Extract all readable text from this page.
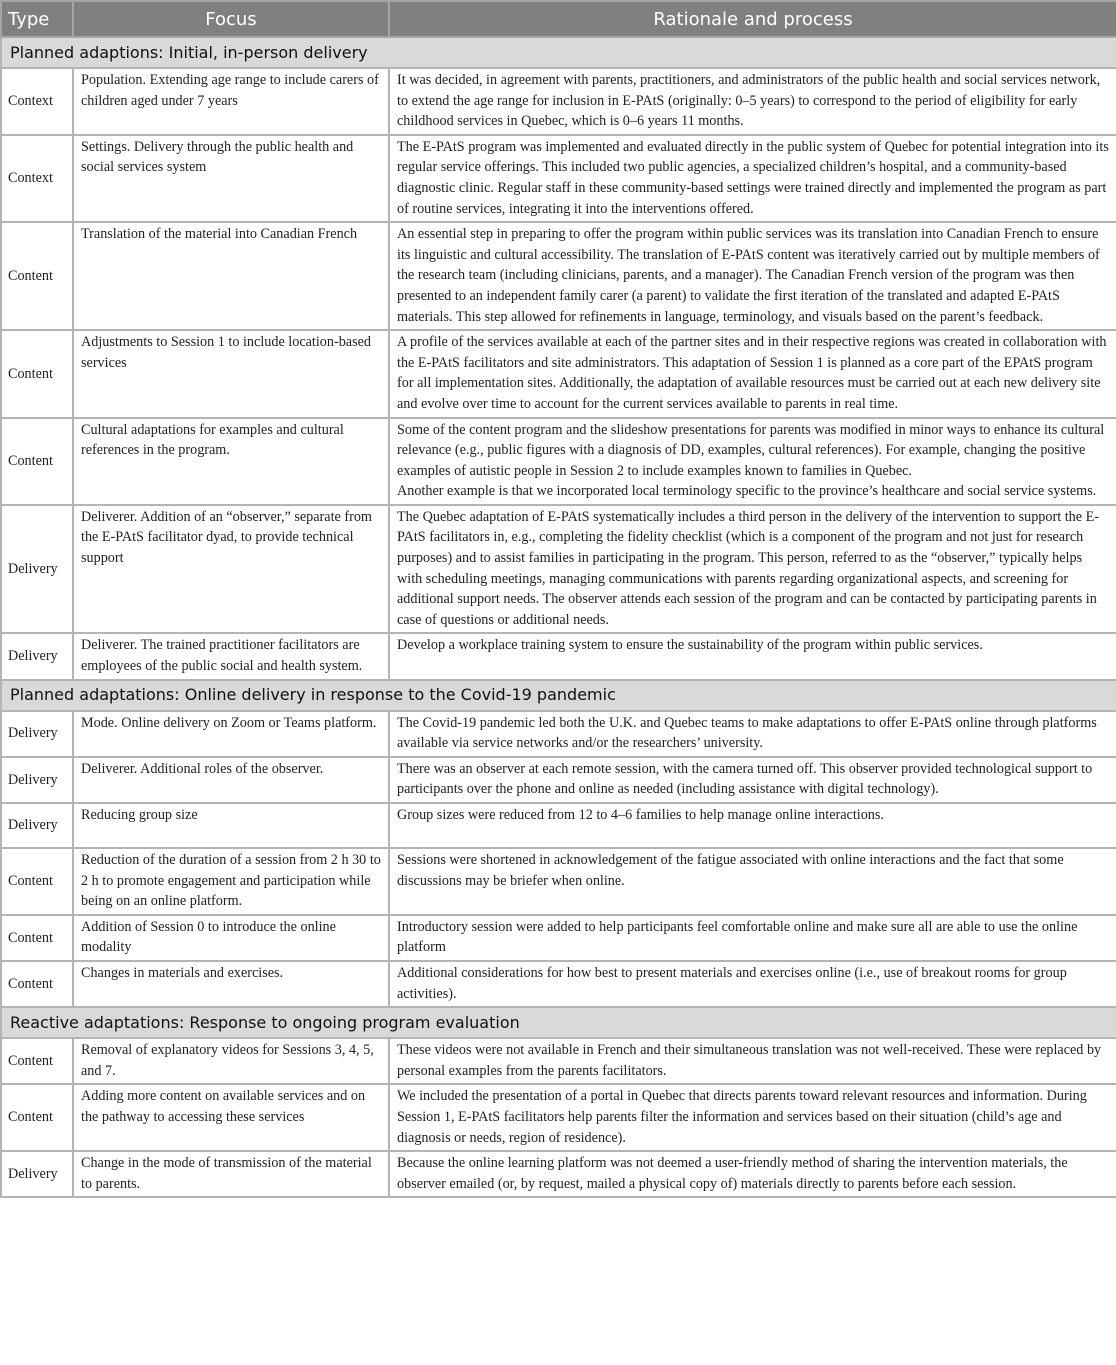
Type	Focus	Rationale and process
Planned adaptions: Initial, in-person delivery		
Context	Population. Extending age range to include carers of children aged under 7 years	It was decided, in agreement with parents, practitioners, and administrators of the public health and social services network, to extend the age range for inclusion in E-PAtS (originally: 0–5 years) to correspond to the period of eligibility for early childhood services in Quebec, which is 0–6 years 11 months.

Context	Settings. Delivery through the public health and social services system	The E-PAtS program was implemented and evaluated directly in the public system of Quebec for potential integration into its regular service offerings. This included two public agencies, a specialized children’s hospital, and a community-based diagnostic clinic. Regular staff in these community-based settings were trained directly and implemented the program as part of routine services, integrating it into the interventions offered.

Content	Translation of the material into Canadian French	An essential step in preparing to offer the program within public services was its translation into Canadian French to ensure its linguistic and cultural accessibility. The translation of E-PAtS content was iteratively carried out by multiple members of the research team (including clinicians, parents, and a manager). The Canadian French version of the program was then presented to an independent family carer (a parent) to validate the first iteration of the translated and adapted E-PAtS materials. This step allowed for refinements in language, terminology, and visuals based on the parent’s feedback.

Content	Adjustments to Session 1 to include location-based services	A profile of the services available at each of the partner sites and in their respective regions was created in collaboration with the E-PAtS facilitators and site administrators. This adaptation of Session 1 is planned as a core part of the EPAtS program for all implementation sites. Additionally, the adaptation of available resources must be carried out at each new delivery site and evolve over time to account for the current services available to parents in real time.

Content	Cultural adaptations for examples and cultural references in the program.	Some of the content program and the slideshow presentations for parents was modified in minor ways to enhance its cultural relevance (e.g., public figures with a diagnosis of DD, examples, cultural references). For example, changing the positive examples of autistic people in Session 2 to include examples known to families in Quebec.
Another example is that we incorporated local terminology specific to the province’s healthcare and social service systems.

Delivery	Deliverer. Addition of an “observer,” separate from the E-PAtS facilitator dyad, to provide technical support	The Quebec adaptation of E-PAtS systematically includes a third person in the delivery of the intervention to support the E-PAtS facilitators in, e.g., completing the fidelity checklist (which is a component of the program and not just for research purposes) and to assist families in participating in the program. This person, referred to as the “observer,” typically helps with scheduling meetings, managing communications with parents regarding organizational aspects, and screening for additional support needs. The observer attends each session of the program and can be contacted by participating parents in case of questions or additional needs.

Delivery	Deliverer. The trained practitioner facilitators are employees of the public social and health system.	Develop a workplace training system to ensure the sustainability of the program within public services.

Planned adaptations: Online delivery in response to the Covid-19 pandemic		
Delivery	Mode. Online delivery on Zoom or Teams platform.	The Covid-19 pandemic led both the U.K. and Quebec teams to make adaptations to offer E-PAtS online through platforms available via service networks and/or the researchers’ university.

Delivery	Deliverer. Additional roles of the observer.	There was an observer at each remote session, with the camera turned off. This observer provided technological support to participants over the phone and online as needed (including assistance with digital technology).

Delivery	Reducing group size	Group sizes were reduced from 12 to 4–6 families to help manage online interactions.

Content	Reduction of the duration of a session from 2 h 30 to 2 h to promote engagement and participation while being on an online platform.	Sessions were shortened in acknowledgement of the fatigue associated with online interactions and the fact that some discussions may be briefer when online.

Content	Addition of Session 0 to introduce the online modality	Introductory session were added to help participants feel comfortable online and make sure all are able to use the online platform

Content	Changes in materials and exercises.	Additional considerations for how best to present materials and exercises online (i.e., use of breakout rooms for group activities).

Reactive adaptations: Response to ongoing program evaluation		
Content	Removal of explanatory videos for Sessions 3, 4, 5, and 7.	These videos were not available in French and their simultaneous translation was not well-received. These were replaced by personal examples from the parents facilitators.

Content	Adding more content on available services and on the pathway to accessing these services	We included the presentation of a portal in Quebec that directs parents toward relevant resources and information. During Session 1, E-PAtS facilitators help parents filter the information and services based on their situation (child’s age and diagnosis or needs, region of residence).

Delivery	Change in the mode of transmission of the material to parents.	Because the online learning platform was not deemed a user-friendly method of sharing the intervention materials, the observer emailed (or, by request, mailed a physical copy of) materials directly to parents before each session.
